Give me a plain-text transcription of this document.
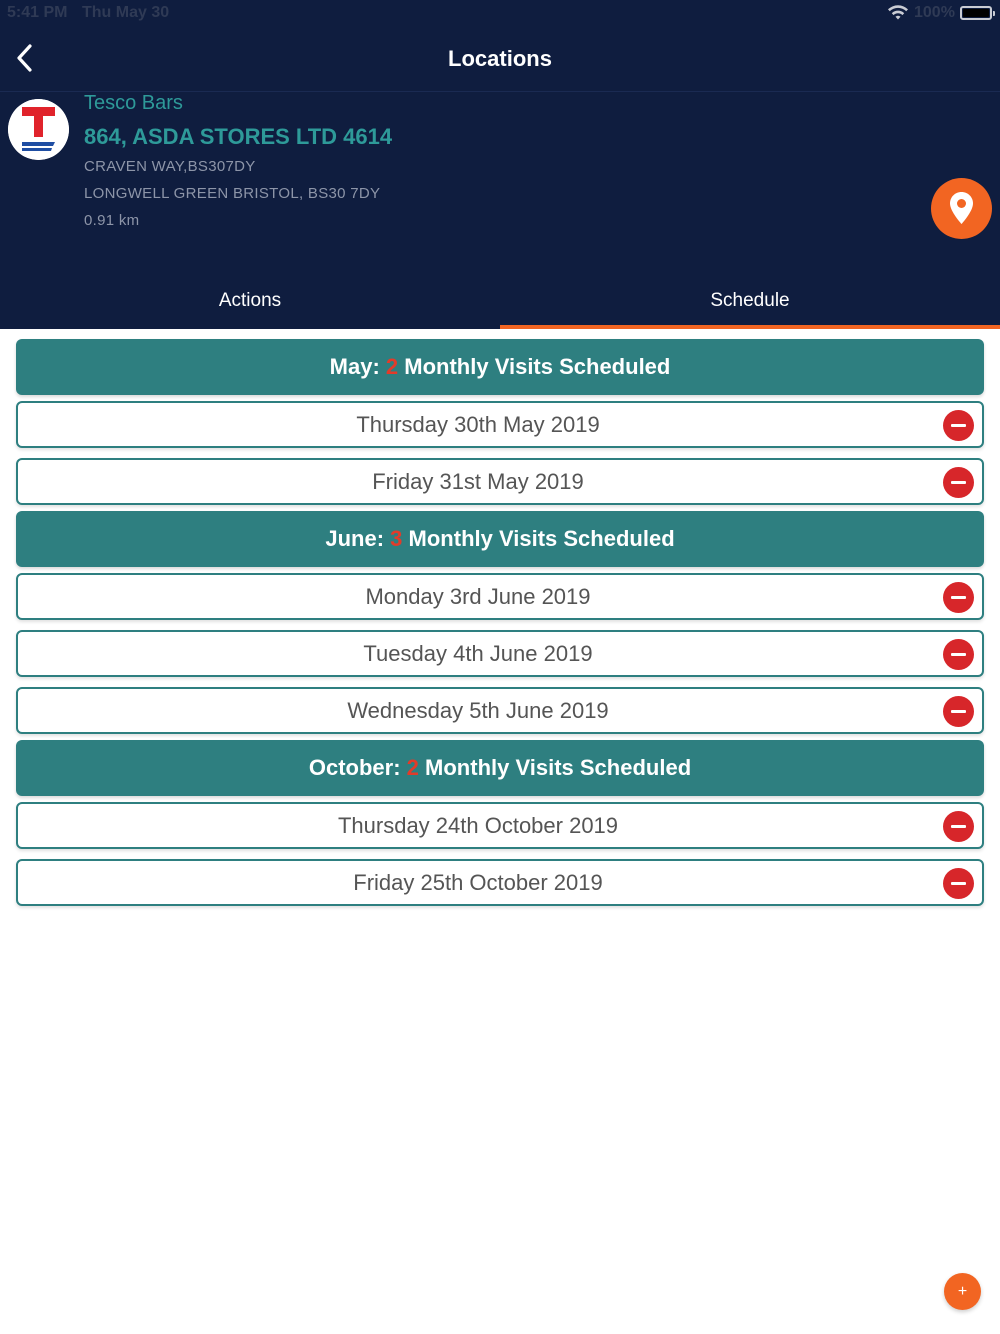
5:41 PM Thu May 30	100%
Locations
Tesco Bars
864, ASDA STORES LTD 4614
CRAVEN WAY,BS307DY
LONGWELL GREEN BRISTOL, BS30 7DY
0.91 km
Actions	Schedule
May: 2 Monthly Visits Scheduled
Thursday 30th May 2019
Friday 31st May 2019
June: 3 Monthly Visits Scheduled
Monday 3rd June 2019
Tuesday 4th June 2019
Wednesday 5th June 2019
October: 2 Monthly Visits Scheduled
Thursday 24th October 2019
Friday 25th October 2019
+
